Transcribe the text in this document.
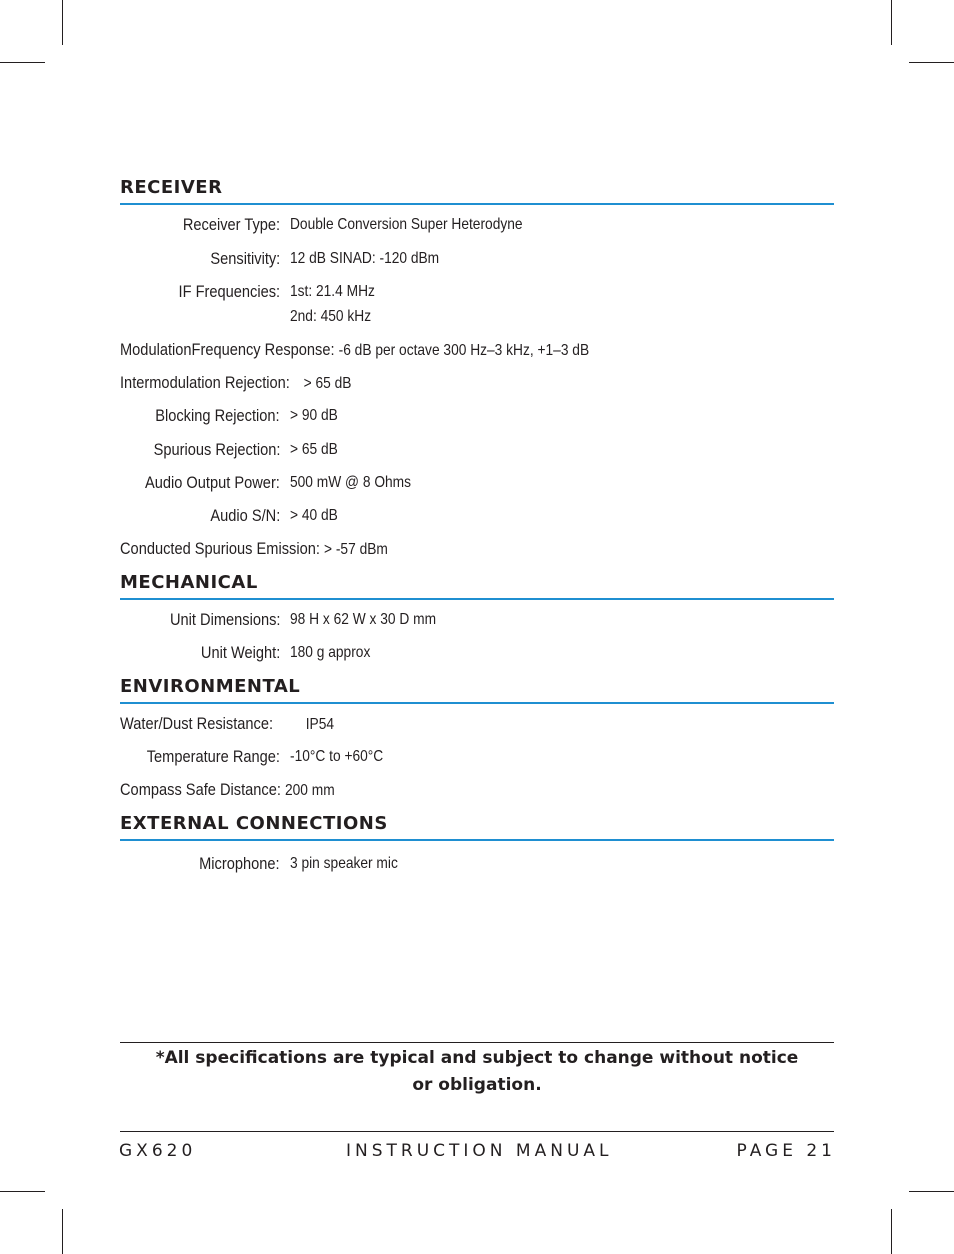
RECEIVER
Receiver Type: Double Conversion Super Heterodyne
Sensitivity: 12 dB SINAD: -120 dBm
IF Frequencies: 1st: 21.4 MHz
2nd: 450 kHz
ModulationFrequency Response: -6 dB per octave 300 Hz–3 kHz, +1–3 dB
Intermodulation Rejection: > 65 dB
Blocking Rejection: > 90 dB
Spurious Rejection: > 65 dB
Audio Output Power: 500 mW @ 8 Ohms
Audio S/N: > 40 dB
Conducted Spurious Emission: > -57 dBm
MECHANICAL
Unit Dimensions: 98 H x 62 W x 30 D mm
Unit Weight: 180 g approx
ENVIRONMENTAL
Water/Dust Resistance: IP54
Temperature Range: -10°C to +60°C
Compass Safe Distance: 200 mm
EXTERNAL CONNECTIONS
Microphone: 3 pin speaker mic
*All specifications are typical and subject to change without notice
or obligation.
GX620	INSTRUCTION MANUAL	PAGE 21
